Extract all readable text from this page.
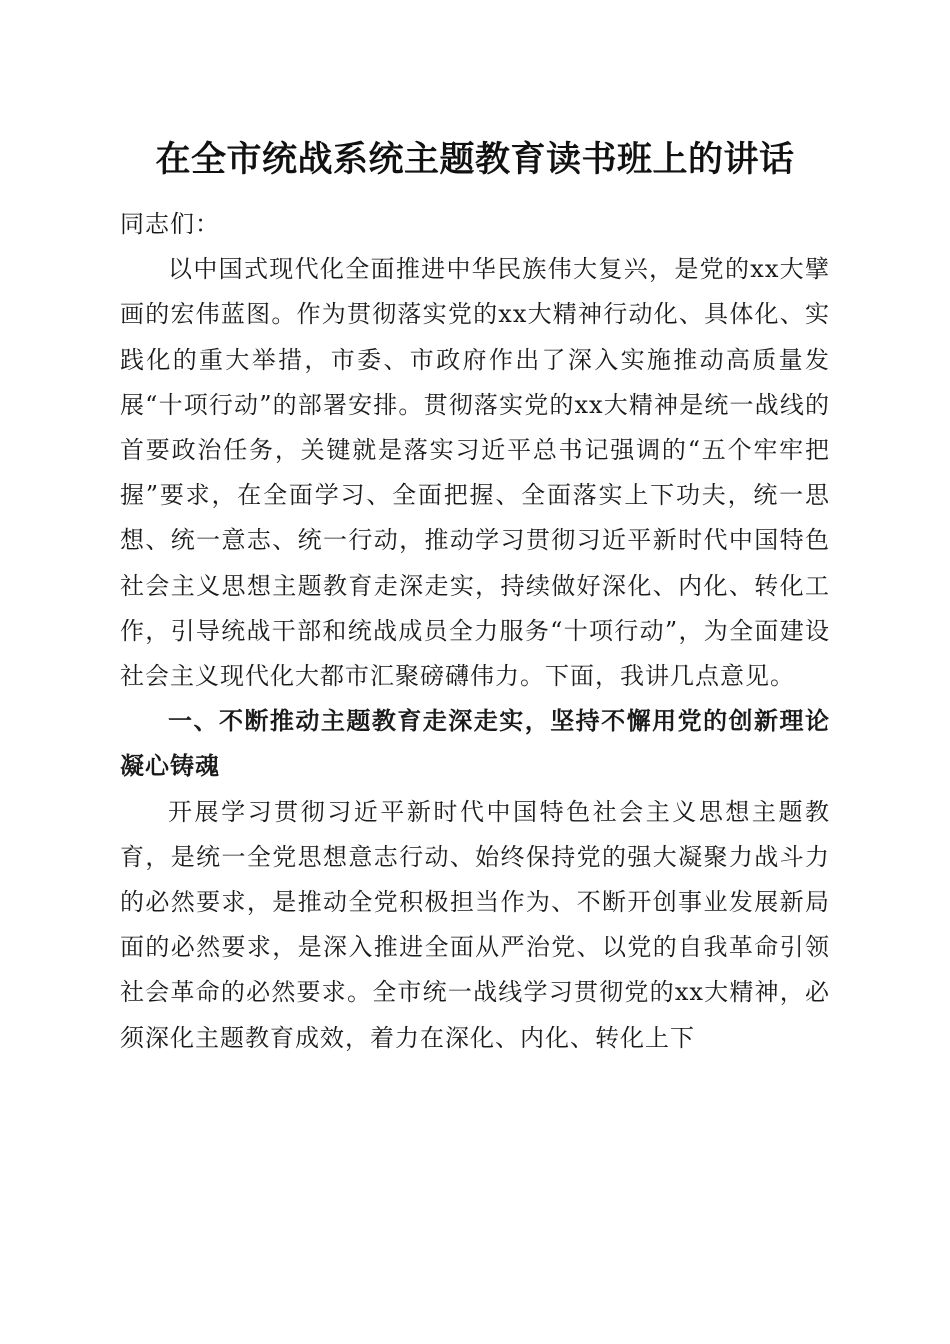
在全市统战系统主题教育读书班上的讲话

同志们：

以中国式现代化全面推进中华民族伟大复兴，是党的xx大擘画的宏伟蓝图。作为贯彻落实党的xx大精神行动化、具体化、实践化的重大举措，市委、市政府作出了深入实施推动高质量发展“十项行动”的部署安排。贯彻落实党的xx大精神是统一战线的首要政治任务，关键就是落实习近平总书记强调的“五个牢牢把握”要求，在全面学习、全面把握、全面落实上下功夫，统一思想、统一意志、统一行动，推动学习贯彻习近平新时代中国特色社会主义思想主题教育走深走实，持续做好深化、内化、转化工作，引导统战干部和统战成员全力服务“十项行动”，为全面建设社会主义现代化大都市汇聚磅礴伟力。下面，我讲几点意见。

一、不断推动主题教育走深走实，坚持不懈用党的创新理论凝心铸魂

开展学习贯彻习近平新时代中国特色社会主义思想主题教育，是统一全党思想意志行动、始终保持党的强大凝聚力战斗力的必然要求，是推动全党积极担当作为、不断开创事业发展新局面的必然要求，是深入推进全面从严治党、以党的自我革命引领社会革命的必然要求。全市统一战线学习贯彻党的xx大精神，必须深化主题教育成效，着力在深化、内化、转化上下
